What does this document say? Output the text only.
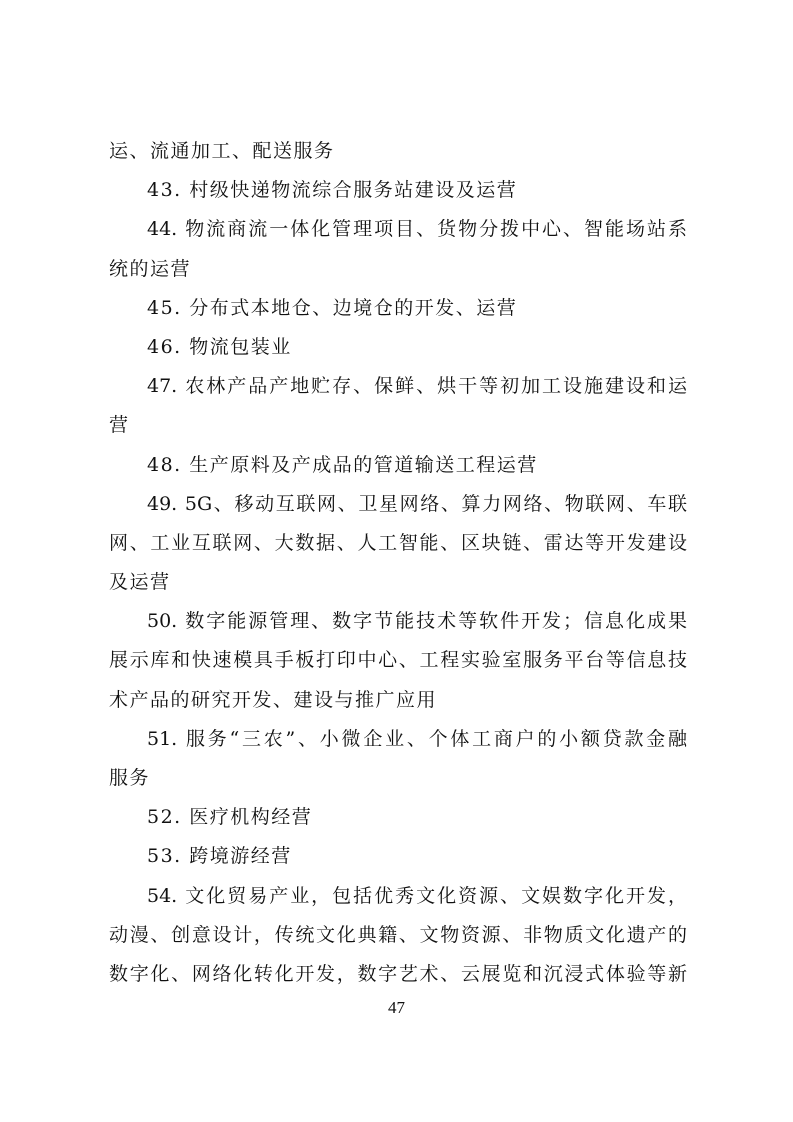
运、流通加工、配送服务
43. 村级快递物流综合服务站建设及运营
44. 物流商流一体化管理项目、货物分拨中心、智能场站系
统的运营
45. 分布式本地仓、边境仓的开发、运营
46. 物流包装业
47. 农林产品产地贮存、保鲜、烘干等初加工设施建设和运
营
48. 生产原料及产成品的管道输送工程运营
49. 5G、移动互联网、卫星网络、算力网络、物联网、车联
网、工业互联网、大数据、人工智能、区块链、雷达等开发建设
及运营
50. 数字能源管理、数字节能技术等软件开发；信息化成果
展示库和快速模具手板打印中心、工程实验室服务平台等信息技
术产品的研究开发、建设与推广应用
51. 服务“三农”、小微企业、个体工商户的小额贷款金融
服务
52. 医疗机构经营
53. 跨境游经营
54. 文化贸易产业，包括优秀文化资源、文娱数字化开发，
动漫、创意设计，传统文化典籍、文物资源、非物质文化遗产的
数字化、网络化转化开发，数字艺术、云展览和沉浸式体验等新
47
